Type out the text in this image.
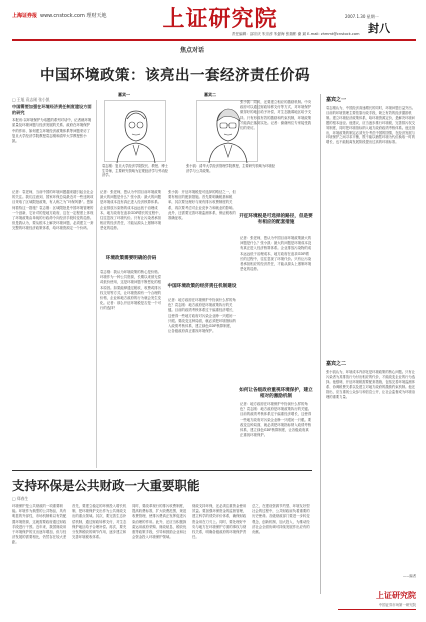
上海证券报 www.cnstock.com 理财天地	上证研究院	2007.1.30 星期一
封八
责任编辑：邵宗庆 朱宗淳 朱晏海 张瑞彬 谢 斌 E-mail: zhmmt@cnstock.com
焦点对话
中国环境政策：该亮出一套经济责任价码
□ 王旭 袁志刚 张小凯
中国需要加强在环境经济责任制度建设方面的研究
本报讯:以环境保护为话题的系列对话中，记者就环境质量及环境问题与经济发展的关系、政府在环境保护中的作用、如何建立环境经济政策体系等问题采访了复旦大学经济学院教授袁志刚和清华大学教授张小凯。
嘉宾一
袁志刚：复旦大学经济学院院长、教授、博士生导师，主要研究领域为宏观经济学与劳动经济学。
嘉宾二
张小凯：清华大学经济管理学院教授，主要研究领域为环境经济学与公共政策。
记者：袁老师，当前中国的环境问题越来越引起全社会的关注。我们注意到，国家环保总局最近对一些违规项目采取了区域限批政策，有人称之为“环保风暴”。您如何看待这一措施？袁志刚：区域限批是中国环境管理的一个创新，它针对的是地方政府，这在一定程度上体现了环境政策由单纯的行政命令向经济手段转变的趋势。但是我认为，要从根本上解决环境问题，必须建立一套完整的环境经济政策体系，给环境资源定一个价码。
记者：张老师，您认为中国目前环境政策最大的问题是什么？张小凯：最大的问题是环境成本没有真正进入经济核算体系。企业排放污染物的成本远远低于治理成本，地方政府在追求GDP增长的过程中，往往忽视了环境代价。只有让污染者承担相应的经济责任，才能从源头上遏制环境恶化的趋势。
环境政策需要明确的价码
袁志刚：我认为环境政策的核心是价格。环境作为一种公共资源，长期以来被无偿或低价使用，这是环境问题不断恶化的根本原因。如果能够通过税收、收费或排污权交易等方式，让环境资源有一个合理的价格，企业和地方政府的行为就会发生变化。记者：那么开征环境税是否是一个可行的选择？
张小凯：开征环境税是可选择的路径之一，但要有相应的配套措施。首先要明确税基和税率，其次要处理好与现有排污收费制度的关系，再次要考虑对企业竞争力和就业的影响。此外，还需要完善环境监测体系，保证税收的准确征收。
中国环境政策的经济责任机制建设
记者：地方政府在环境保护中扮演什么样的角色？袁志刚：地方政府是环境政策执行的关键。目前的政绩考核体系过于偏重经济增长，这使得一些地方政府对污染企业睁一只眼闭一只眼。要改变这种局面，就必须把环境指标纳入政绩考核体系，建立绿色GDP核算制度，让各级政府真正重视环境保护。
张小凯：同时，还要建立相应的激励机制。中央政府可以通过财政转移支付等方式，对环境保护做得好的地区给予补偿，对生态脆弱地区给予支持。只有形成有效的激励和约束机制，环境政策才能真正落到实处。记者：谢谢两位专家接受我们的采访。
开征环境税是可选择的路径，但是要有相应的配套措施
记者：张老师，您认为中国目前环境政策最大的问题是什么？张小凯：最大的问题是环境成本没有真正进入经济核算体系。企业排放污染物的成本远远低于治理成本，地方政府在追求GDP增长的过程中，往往忽视了环境代价。只有让污染者承担相应的经济责任，才能从源头上遏制环境恶化的趋势。
如何让各级政府重视环境保护，建立相对的激励机制
记者：地方政府在环境保护中扮演什么样的角色？袁志刚：地方政府是环境政策执行的关键。目前的政绩考核体系过于偏重经济增长，这使得一些地方政府对污染企业睁一只眼闭一只眼。要改变这种局面，就必须把环境指标纳入政绩考核体系，建立绿色GDP核算制度，让各级政府真正重视环境保护。
嘉宾之一
袁志刚认为，中国经济高速增长的同时，环境问题日益突出。目前的环境管理主要依靠行政手段，缺乏有效的经济激励机制。建立环境经济政策体系，给环境资源定价，是解决环境问题的根本途径。他建议，应当逐步推行环境税，完善排污权交易制度，同时把环境指标纳入地方政府政绩考核体系。他还指出，环境政策的制定必须充分考虑中国的国情，在经济发展与环境保护之间寻求平衡，既不能以牺牲环境为代价换取一时的增长，也不能脱离发展阶段提出过高的环境标准。
嘉宾之二
张小凯认为，环境成本内部化是环境政策的核心问题。只有让污染者为其排放行为付出相应的代价，才能改变企业的行为选择。他强调，开征环境税需要配套措施，包括完善环境监测体系、协调税费关系以及建立对地方政府的激励约束机制。他还指出，应当重视公众参与和信息公开，让社会监督成为环境治理的重要力量。
——编者
支持环保是公共财政一大重要职能
□ 郑春生
环境保护是公共财政的一项重要职能。环境作为典型的公共物品，具有明显的外部性，市场机制难以有效配置环境资源，这就需要政府通过财政手段进行干预。近年来，我国财政用于环境保护的支出逐年增加，但与经济发展的需要相比，仍然存在较大差距。
首先，要建立稳定的环保投入增长机制，把环境保护支出作为公共财政支出的重点领域。其次，要完善生态补偿机制，通过财政转移支付，对生态保护地区给予合理补偿。再次，要充分发挥税收的调节作用，逐步建立和完善环境税收体系。
同时，要改革现行的排污收费制度，提高收费标准，扩大收费范围，规范收费管理，使排污费真正发挥促进污染治理的作用。此外，还应当积极探索运用政府采购、财政贴息、税收优惠等政策手段，引导和鼓励企业和社会资金投入环境保护领域。
财政支持环保，还必须注重资金使用效益。要加强环保资金的监督管理，建立科学的绩效评价体系，确保财政资金用在刀刃上。同时，要处理好中央与地方在环境保护方面的事权与财权关系，明确各级政府的环境保护责任。
总之，在建设资源节约型、环境友好型社会的过程中，公共财政肩负着重要的历史使命。各级财政部门要进一步转变观念，创新机制，加大投入，为推动经济社会全面协调可持续发展作出应有的贡献。
上证研究院
中国证券市场第一研究院
